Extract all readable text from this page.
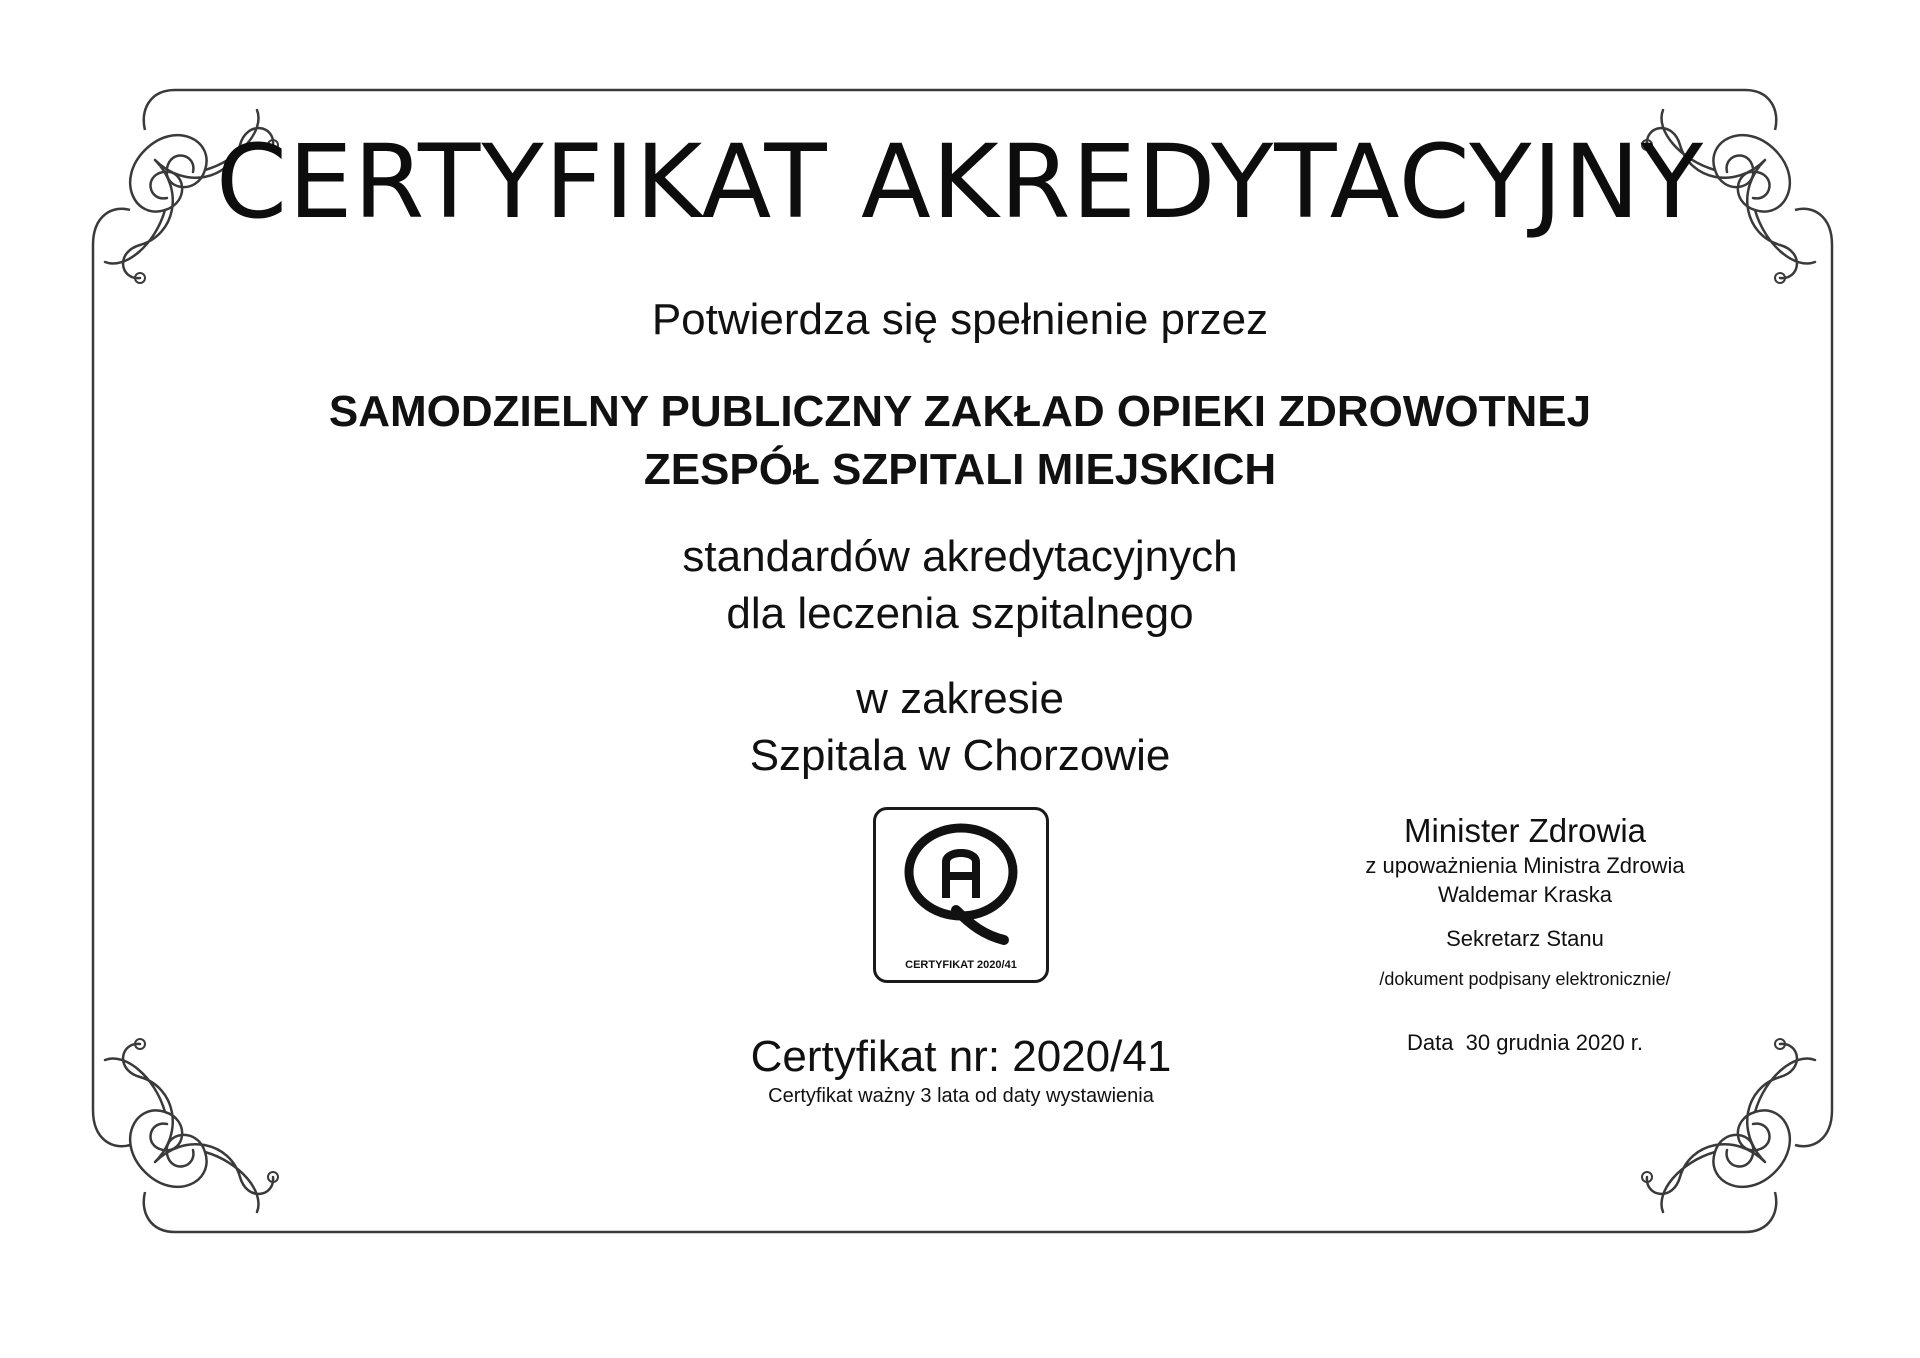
CERTYFIKAT AKREDYTACYJNY
Potwierdza się spełnienie przez
SAMODZIELNY PUBLICZNY ZAKŁAD OPIEKI ZDROWOTNEJ
ZESPÓŁ SZPITALI MIEJSKICH
standardów akredytacyjnych
dla leczenia szpitalnego
w zakresie
Szpitala w Chorzowie
CERTYFIKAT 2020/41
Certyfikat nr: 2020/41
Certyfikat ważny 3 lata od daty wystawienia
Minister Zdrowia
z upoważnienia Ministra Zdrowia
Waldemar Kraska
Sekretarz Stanu
/dokument podpisany elektronicznie/
Data 30 grudnia 2020 r.
